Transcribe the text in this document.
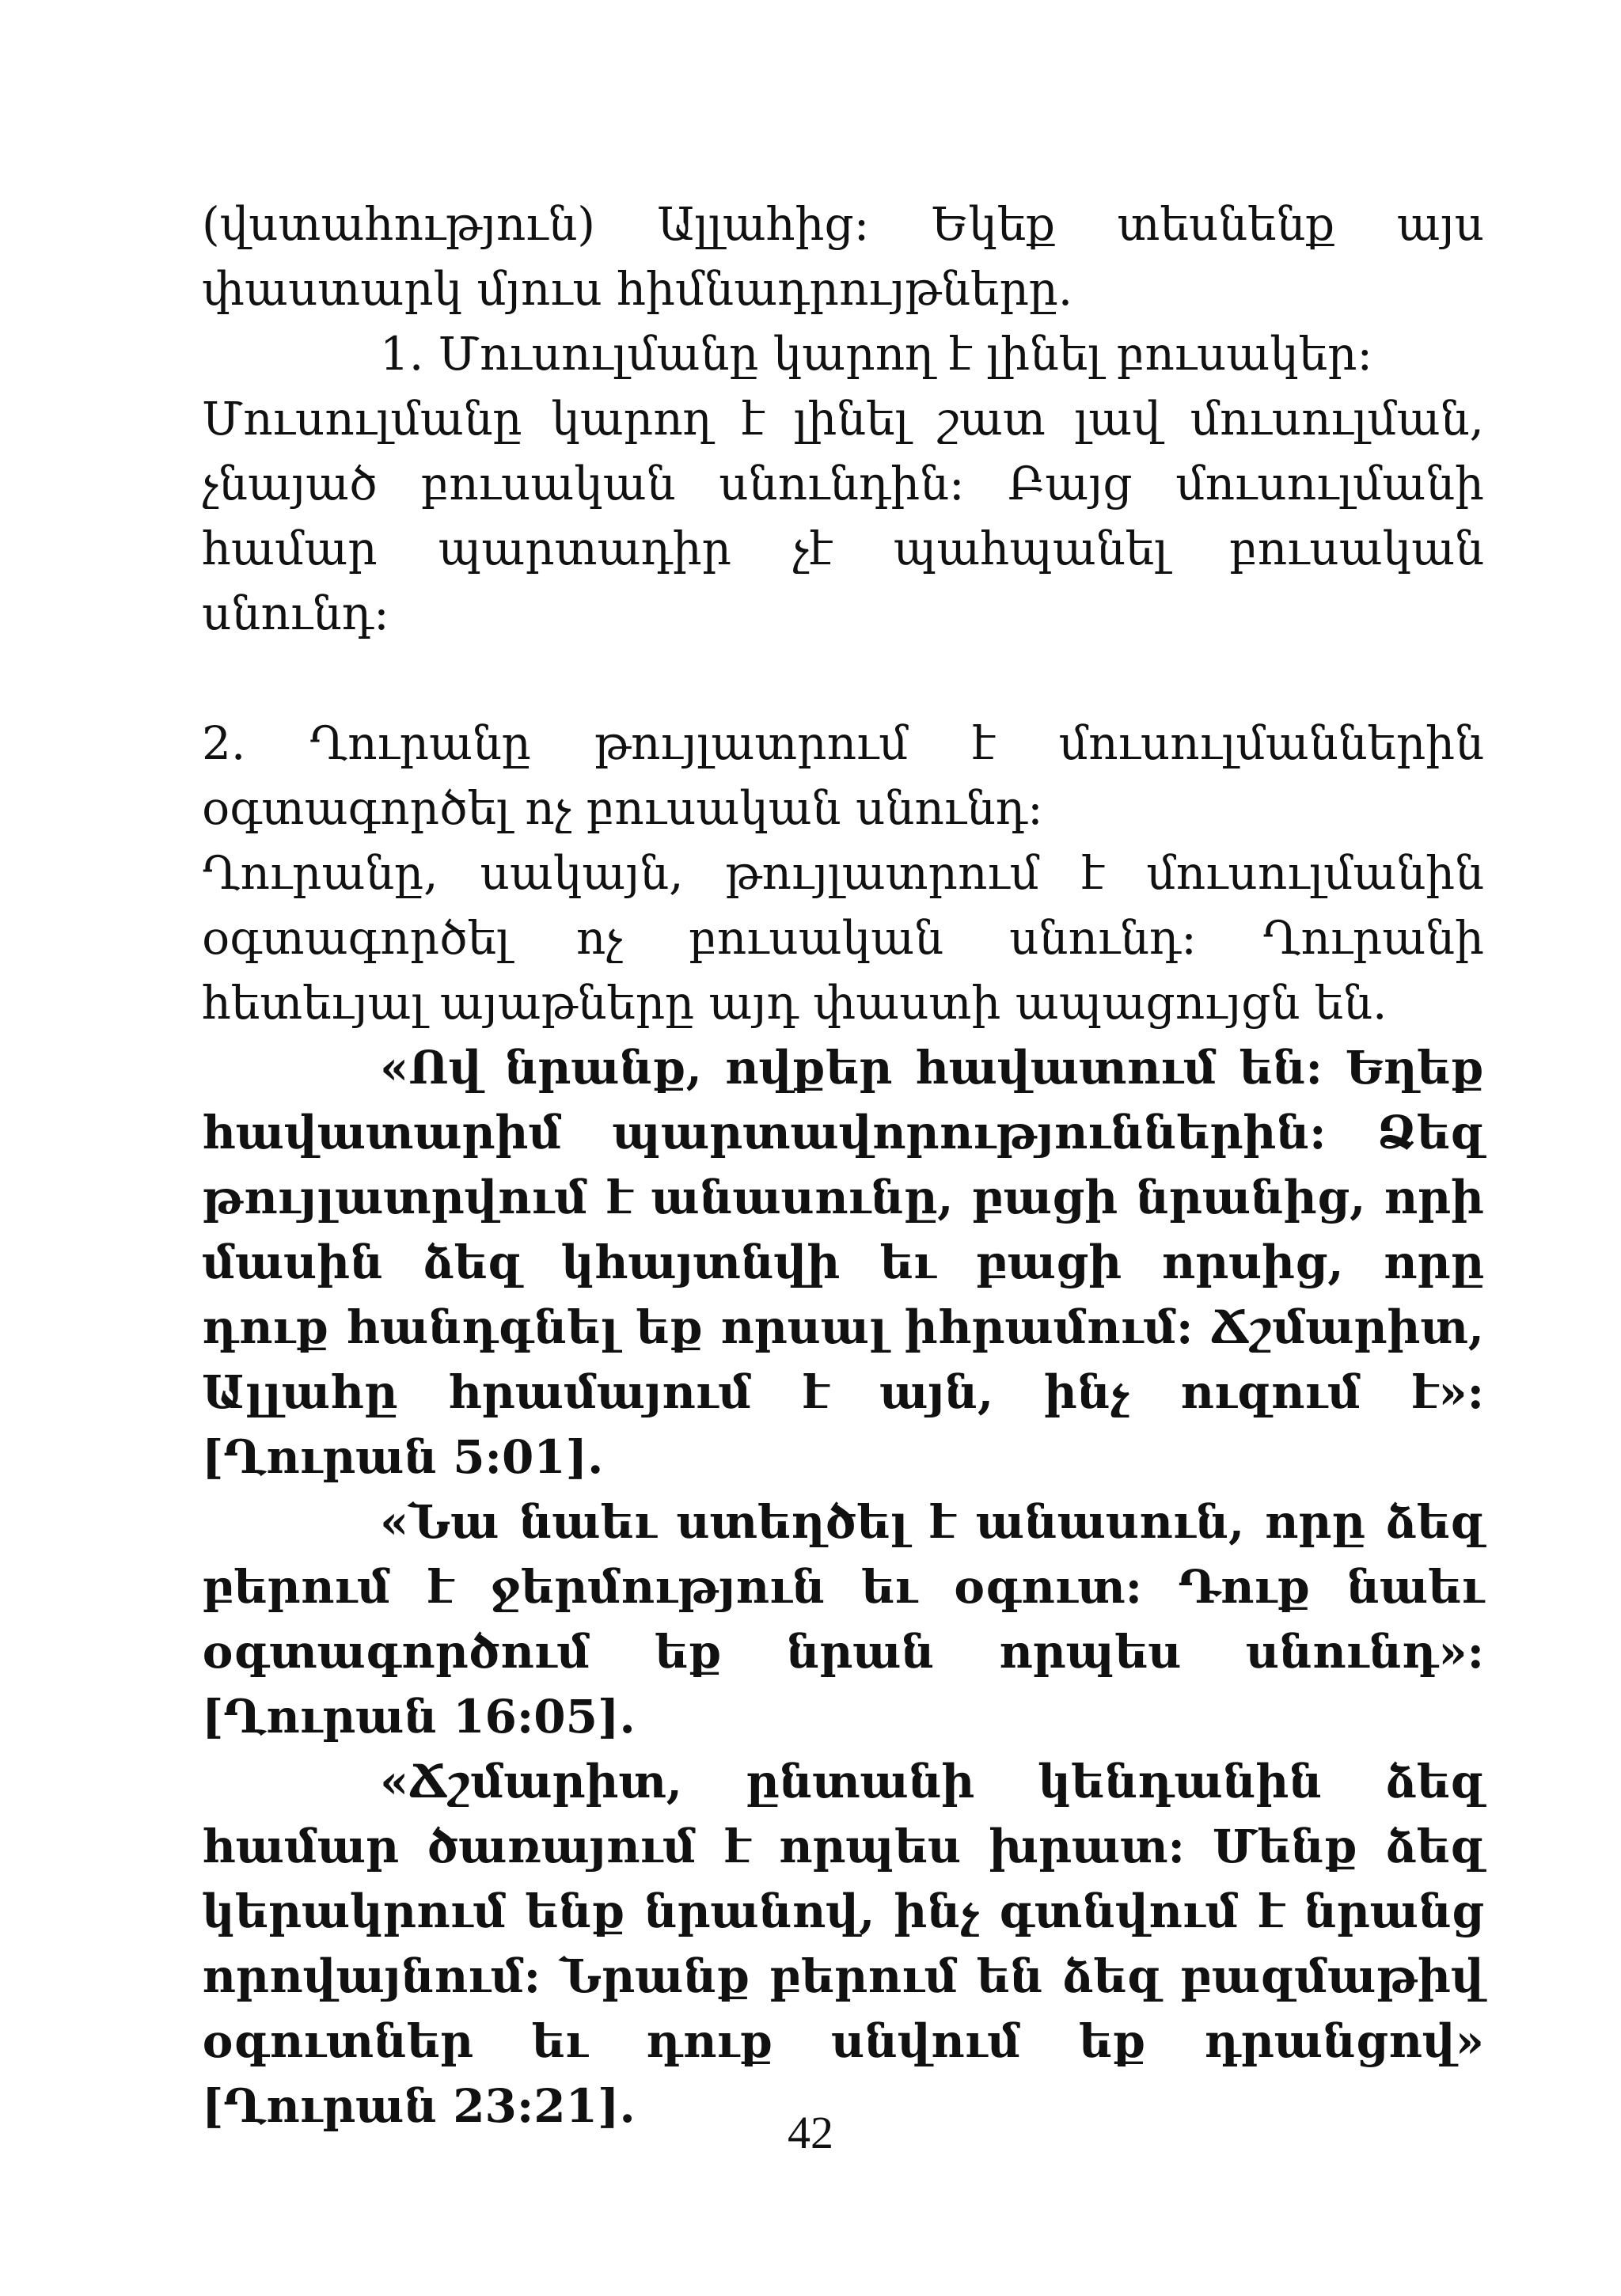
(վստահություն) Ալլահից: Եկեք տեսնենք այս փաստարկ մյուս հիմնադրույթները.

1. Մուսուլմանը կարող է լինել բուսակեր:

Մուսուլմանը կարող է լինել շատ լավ մուսուլման, չնայած բուսական սնունդին: Բայց մուսուլմանի համար պարտադիր չէ պահպանել բուսական սնունդ:

2. Ղուրանը թույլատրում է մուսուլմաններին օգտագործել ոչ բուսական սնունդ:

Ղուրանը, սակայն, թույլատրում է մուսուլմանին օգտագործել ոչ բուսական սնունդ: Ղուրանի հետեւյալ այաթները այդ փաստի ապացույցն են.

«Ով նրանք, ովքեր հավատում են: Եղեք հավատարիմ պարտավորություններին: Ձեզ թույլատրվում է անասունը, բացի նրանից, որի մասին ձեզ կհայտնվի եւ բացի որսից, որը դուք հանդգնել եք որսալ իհրամում: Ճշմարիտ, Ալլահը հրամայում է այն, ինչ ուզում է»: [Ղուրան 5:01].

«Նա նաեւ ստեղծել է անասուն, որը ձեզ բերում է ջերմություն եւ օգուտ: Դուք նաեւ օգտագործում եք նրան որպես սնունդ»: [Ղուրան 16:05].

«Ճշմարիտ, ընտանի կենդանին ձեզ համար ծառայում է որպես խրատ: Մենք ձեզ կերակրում ենք նրանով, ինչ գտնվում է նրանց որովայնում: Նրանք բերում են ձեզ բազմաթիվ օգուտներ եւ դուք սնվում եք դրանցով» [Ղուրան 23:21].	42
